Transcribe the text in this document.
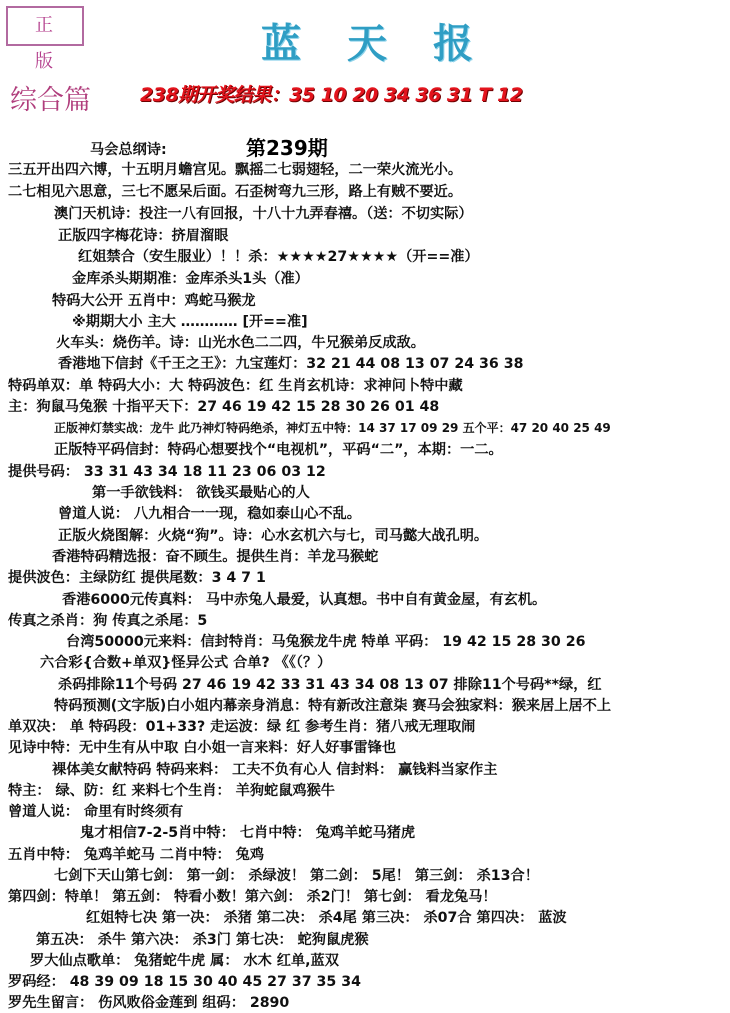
正版	蓝天报
综合篇	238期开奖结果：35 10 20 34 36 31 T 12
第239期
马会总纲诗:
三五开出四六博，十五明月蟾宫见。飘摇二七弱翅轻，二一荣火流光小。
二七相见六思意，三七不愿呆后面。石歪树弯九三形，路上有贼不要近。
澳门天机诗：投注一八有回报，十八十九弄春禧。（送：不切实际）
正版四字梅花诗：挤眉溜眼
红姐禁合（安生服业）！！杀：★★★★27★★★★（开==准）
金库杀头期期准：金库杀头1头（准）
特码大公开 五肖中：鸡蛇马猴龙
※期期大小 主大 ………… [开==准]
火车头：烧伤羊。诗：山光水色二二四，牛兄猴弟反成敌。
香港地下信封《千王之王》：九宝莲灯：32 21 44 08 13 07 24 36 38
特码单双：单 特码大小：大 特码波色：红 生肖玄机诗：求神问卜特中藏
主：狗鼠马兔猴 十指平天下：27 46 19 42 15 28 30 26 01 48
正版神灯禁实战：龙牛 此乃神灯特码绝杀，神灯五中特：14 37 17 09 29 五个平：47 20 40 25 49
正版特平码信封：特码心想要找个“电视机”，平码“二”，本期：一二。
提供号码： 33 31 43 34 18 11 23 06 03 12
第一手欲钱料： 欲钱买最贴心的人
曾道人说： 八九相合一一现，稳如泰山心不乱。
正版火烧图解：火烧“狗”。诗：心水玄机六与七，司马懿大战孔明。
香港特码精选报：奋不顾生。提供生肖：羊龙马猴蛇
提供波色：主绿防红 提供尾数：3 4 7 1
香港6000元传真料： 马中赤兔人最爱，认真想。书中自有黄金屋，有玄机。
传真之杀肖：狗 传真之杀尾：5
台湾50000元来料：信封特肖：马兔猴龙牛虎 特单 平码： 19 42 15 28 30 26
六合彩{合数+单双}怪异公式 合单? 《《（？）
杀码排除11个号码 27 46 19 42 33 31 43 34 08 13 07 排除11个号码**绿，红
特码预测(文字版)白小姐内幕亲身消息：特有新改注意柒 赛马会独家料：猴来居上居不上
单双决： 单 特码段：01+33? 走运波：绿 红 参考生肖：猪八戒无理取闹
见诗中特：无中生有从中取 白小姐一言来料：好人好事雷锋也
裸体美女献特码 特码来料： 工夫不负有心人 信封料： 赢钱料当家作主
特主： 绿、防：红 来料七个生肖： 羊狗蛇鼠鸡猴牛
曾道人说： 命里有时终须有
鬼才相信7-2-5肖中特： 七肖中特： 兔鸡羊蛇马猪虎
五肖中特： 兔鸡羊蛇马 二肖中特： 兔鸡
七剑下天山第七剑： 第一剑： 杀绿波！ 第二剑： 5尾！ 第三剑： 杀13合！
第四剑：特单！ 第五剑： 特看小数！第六剑： 杀2门！ 第七剑： 看龙兔马！
红姐特七决 第一决： 杀猪 第二决： 杀4尾 第三决： 杀07合 第四决： 蓝波
第五决： 杀牛 第六决： 杀3门 第七决： 蛇狗鼠虎猴
罗大仙点歌单： 兔猪蛇牛虎 属： 水木 红单,蓝双
罗码经： 48 39 09 18 15 30 40 45 27 37 35 34
罗先生留言： 伤风败俗金莲到 组码： 2890
